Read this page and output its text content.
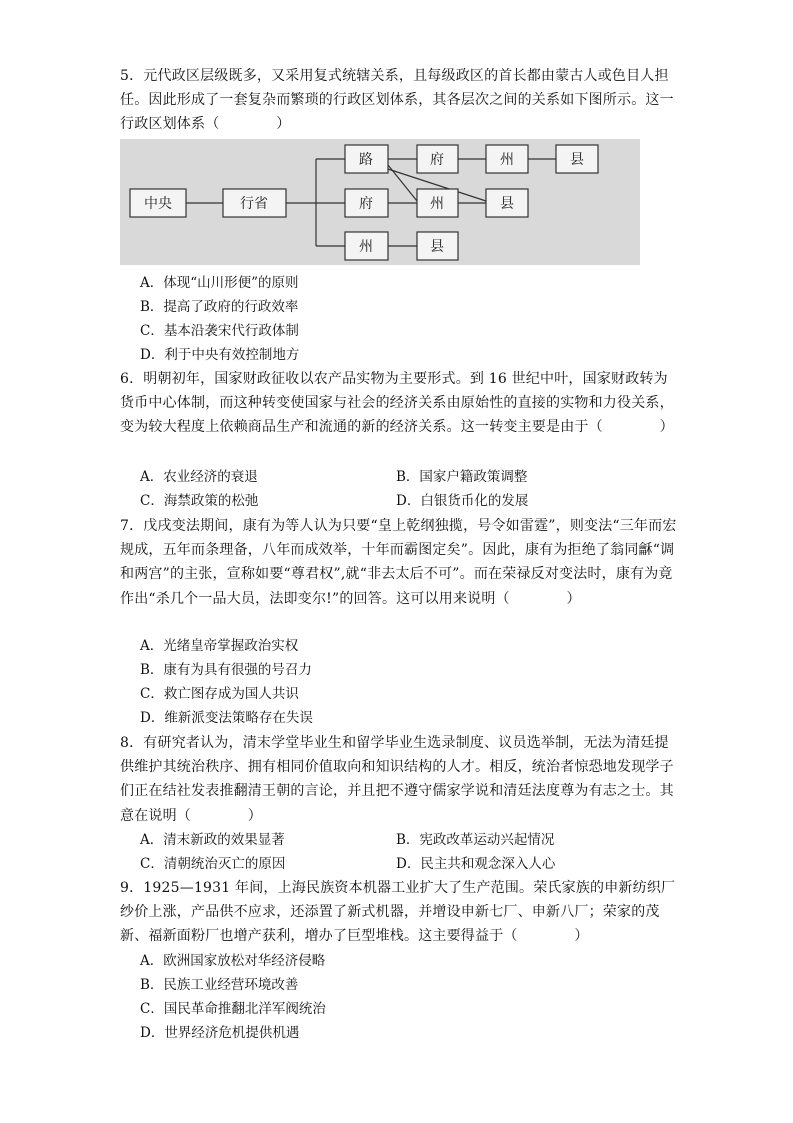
5．元代政区层级既多，又采用复式统辖关系，且每级政区的首长都由蒙古人或色目人担任。因此形成了一套复杂而繁琐的行政区划体系，其各层次之间的关系如下图所示。这一行政区划体系（　　　　）
中央	行省
路	府	州	县
府	州	县
州	县
A．体现“山川形便”的原则
B．提高了政府的行政效率
C．基本沿袭宋代行政体制
D．利于中央有效控制地方
6．明朝初年，国家财政征收以农产品实物为主要形式。到 16 世纪中叶，国家财政转为货币中心体制，而这种转变使国家与社会的经济关系由原始性的直接的实物和力役关系，变为较大程度上依赖商品生产和流通的新的经济关系。这一转变主要是由于（　　　　）
A．农业经济的衰退	B．国家户籍政策调整
C．海禁政策的松弛	D．白银货币化的发展
7．戊戌变法期间，康有为等人认为只要“皇上乾纲独揽，号令如雷霆”，则变法“三年而宏规成，五年而条理备，八年而成效举，十年而霸图定矣”。因此，康有为拒绝了翁同龢“调和两宫”的主张，宣称如要“尊君权”,就“非去太后不可”。而在荣禄反对变法时，康有为竟作出“杀几个一品大员，法即变尔!”的回答。这可以用来说明（　　　　）
A．光绪皇帝掌握政治实权
B．康有为具有很强的号召力
C．救亡图存成为国人共识
D．维新派变法策略存在失误
8．有研究者认为，清末学堂毕业生和留学毕业生选录制度、议员选举制，无法为清廷提供维护其统治秩序、拥有相同价值取向和知识结构的人才。相反，统治者惊恐地发现学子们正在结社发表推翻清王朝的言论，并且把不遵守儒家学说和清廷法度尊为有志之士。其意在说明（　　　　）
A．清末新政的效果显著	B．宪政改革运动兴起情况
C．清朝统治灭亡的原因	D．民主共和观念深入人心
9．1925—1931 年间，上海民族资本机器工业扩大了生产范围。荣氏家族的申新纺织厂纱价上涨，产品供不应求，还添置了新式机器，并增设申新七厂、申新八厂；荣家的茂新、福新面粉厂也增产获利，增办了巨型堆栈。这主要得益于（　　　　）
A．欧洲国家放松对华经济侵略
B．民族工业经营环境改善
C．国民革命推翻北洋军阀统治
D．世界经济危机提供机遇
